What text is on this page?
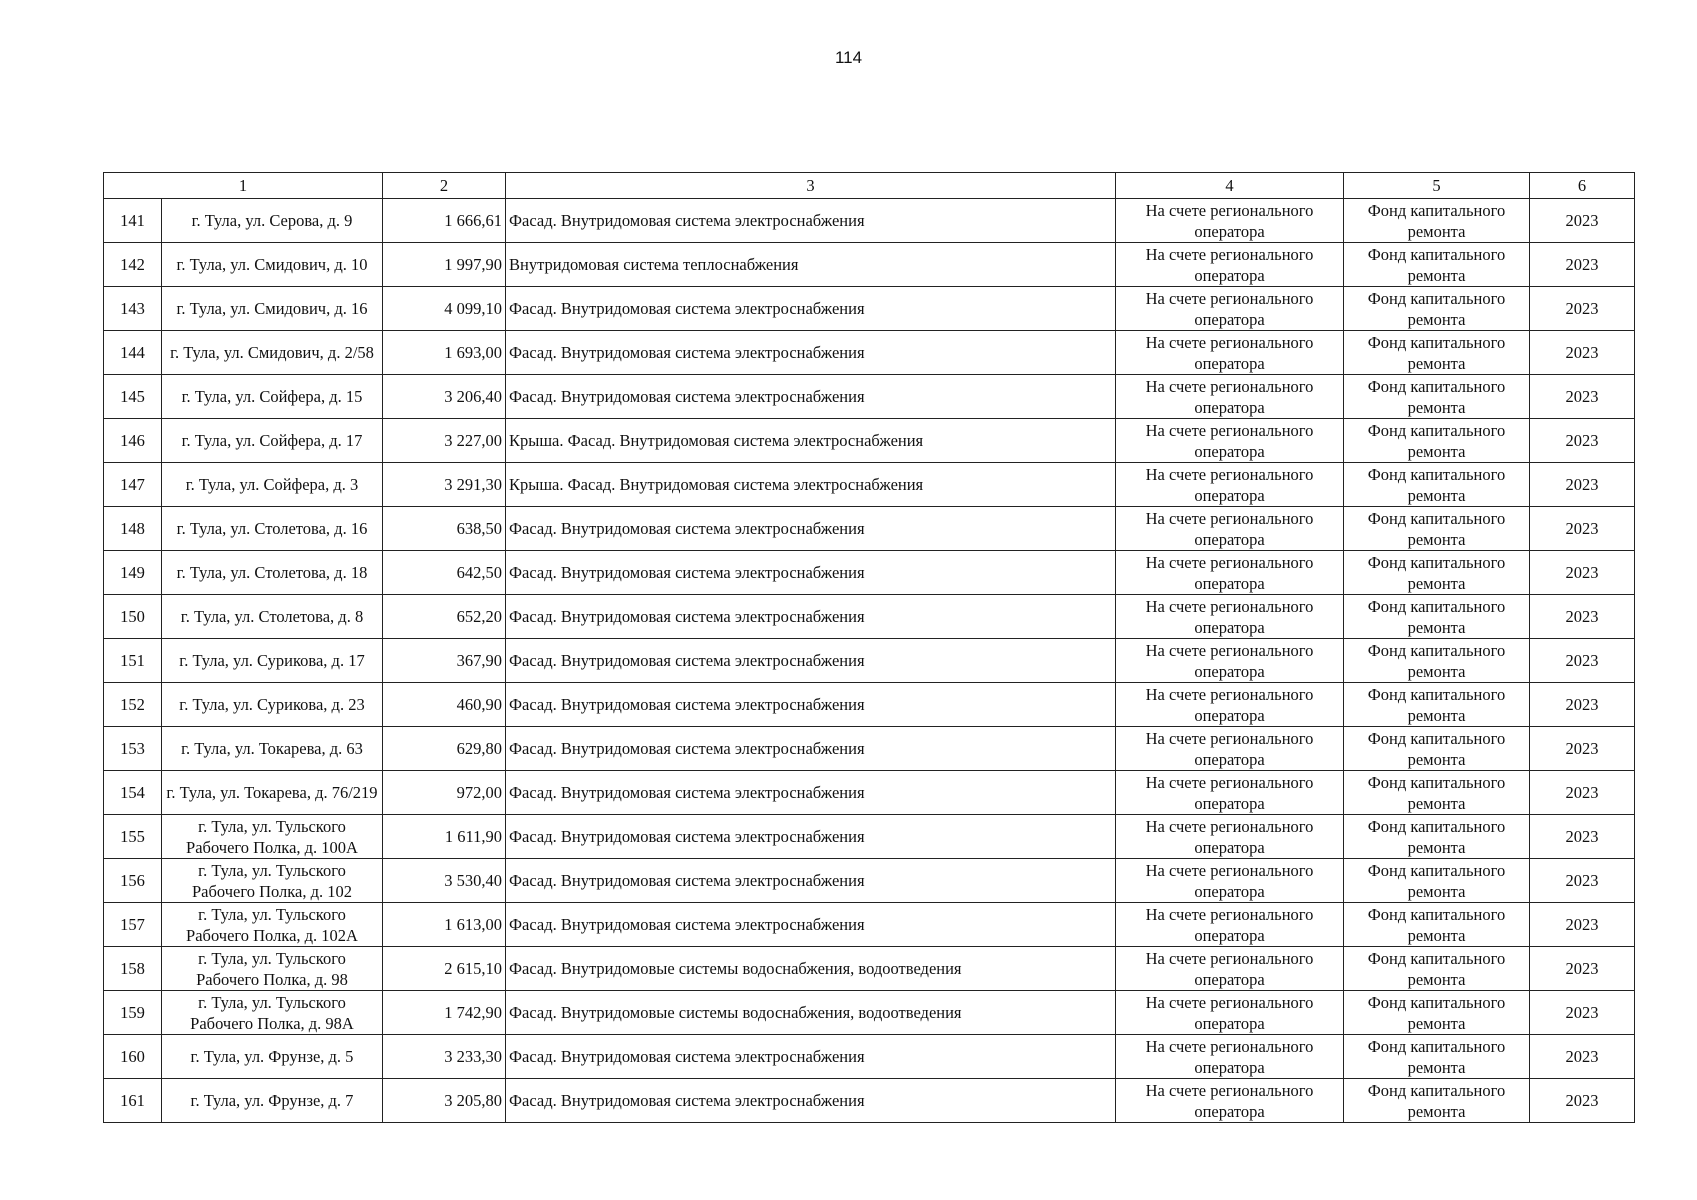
114
1		2	3	4	5	6
141	г. Тула, ул. Серова, д. 9	1 666,61	Фасад. Внутридомовая система электроснабжения	На счете регионального оператора	Фонд капитального ремонта	2023
142	г. Тула, ул. Смидович, д. 10	1 997,90	Внутридомовая система теплоснабжения	На счете регионального оператора	Фонд капитального ремонта	2023
143	г. Тула, ул. Смидович, д. 16	4 099,10	Фасад. Внутридомовая система электроснабжения	На счете регионального оператора	Фонд капитального ремонта	2023
144	г. Тула, ул. Смидович, д. 2/58	1 693,00	Фасад. Внутридомовая система электроснабжения	На счете регионального оператора	Фонд капитального ремонта	2023
145	г. Тула, ул. Сойфера, д. 15	3 206,40	Фасад. Внутридомовая система электроснабжения	На счете регионального оператора	Фонд капитального ремонта	2023
146	г. Тула, ул. Сойфера, д. 17	3 227,00	Крыша. Фасад. Внутридомовая система электроснабжения	На счете регионального оператора	Фонд капитального ремонта	2023
147	г. Тула, ул. Сойфера, д. 3	3 291,30	Крыша. Фасад. Внутридомовая система электроснабжения	На счете регионального оператора	Фонд капитального ремонта	2023
148	г. Тула, ул. Столетова, д. 16	638,50	Фасад. Внутридомовая система электроснабжения	На счете регионального оператора	Фонд капитального ремонта	2023
149	г. Тула, ул. Столетова, д. 18	642,50	Фасад. Внутридомовая система электроснабжения	На счете регионального оператора	Фонд капитального ремонта	2023
150	г. Тула, ул. Столетова, д. 8	652,20	Фасад. Внутридомовая система электроснабжения	На счете регионального оператора	Фонд капитального ремонта	2023
151	г. Тула, ул. Сурикова, д. 17	367,90	Фасад. Внутридомовая система электроснабжения	На счете регионального оператора	Фонд капитального ремонта	2023
152	г. Тула, ул. Сурикова, д. 23	460,90	Фасад. Внутридомовая система электроснабжения	На счете регионального оператора	Фонд капитального ремонта	2023
153	г. Тула, ул. Токарева, д. 63	629,80	Фасад. Внутридомовая система электроснабжения	На счете регионального оператора	Фонд капитального ремонта	2023
154	г. Тула, ул. Токарева, д. 76/219	972,00	Фасад. Внутридомовая система электроснабжения	На счете регионального оператора	Фонд капитального ремонта	2023
155	г. Тула, ул. Тульского Рабочего Полка, д. 100А	1 611,90	Фасад. Внутридомовая система электроснабжения	На счете регионального оператора	Фонд капитального ремонта	2023
156	г. Тула, ул. Тульского Рабочего Полка, д. 102	3 530,40	Фасад. Внутридомовая система электроснабжения	На счете регионального оператора	Фонд капитального ремонта	2023
157	г. Тула, ул. Тульского Рабочего Полка, д. 102А	1 613,00	Фасад. Внутридомовая система электроснабжения	На счете регионального оператора	Фонд капитального ремонта	2023
158	г. Тула, ул. Тульского Рабочего Полка, д. 98	2 615,10	Фасад. Внутридомовые системы водоснабжения, водоотведения	На счете регионального оператора	Фонд капитального ремонта	2023
159	г. Тула, ул. Тульского Рабочего Полка, д. 98А	1 742,90	Фасад. Внутридомовые системы водоснабжения, водоотведения	На счете регионального оператора	Фонд капитального ремонта	2023
160	г. Тула, ул. Фрунзе, д. 5	3 233,30	Фасад. Внутридомовая система электроснабжения	На счете регионального оператора	Фонд капитального ремонта	2023
161	г. Тула, ул. Фрунзе, д. 7	3 205,80	Фасад. Внутридомовая система электроснабжения	На счете регионального оператора	Фонд капитального ремонта	2023
